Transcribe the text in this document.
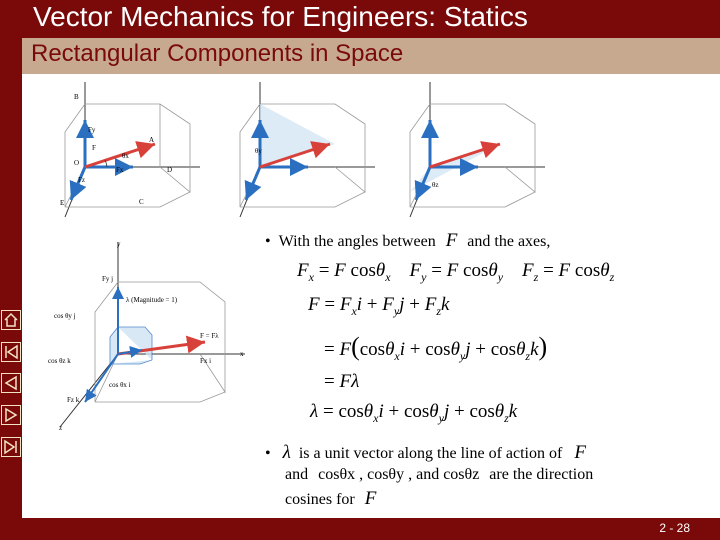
Vector Mechanics for Engineers: Statics
Rectangular Components in Space
B
O
A
D
E	C
F
Fy
Fx
Fz
θx
θy
θz
y
x
z
λ (Magnitude = 1)
F = Fλ
Fy j
Fx i
Fz k
cos θy j
cos θx i
cos θz k
•  With the angles between F and the axes,
$F_x = F$ cosθ$_x$ $F_y = F$ cosθ$_y$ $F_z = F$ cosθ$_z$
$F = F_xi + F_yj + F_zk$
= F(cosθ$_x$i + cosθ$_y$j + cosθ$_z$k)
= Fλ
λ = cosθ$_x$i + cosθ$_y$j + cosθ$_z$k
•   λ is a unit vector along the line of action of F
and cosθx , cosθy , and cosθz are the direction
cosines for F
2 - 28
